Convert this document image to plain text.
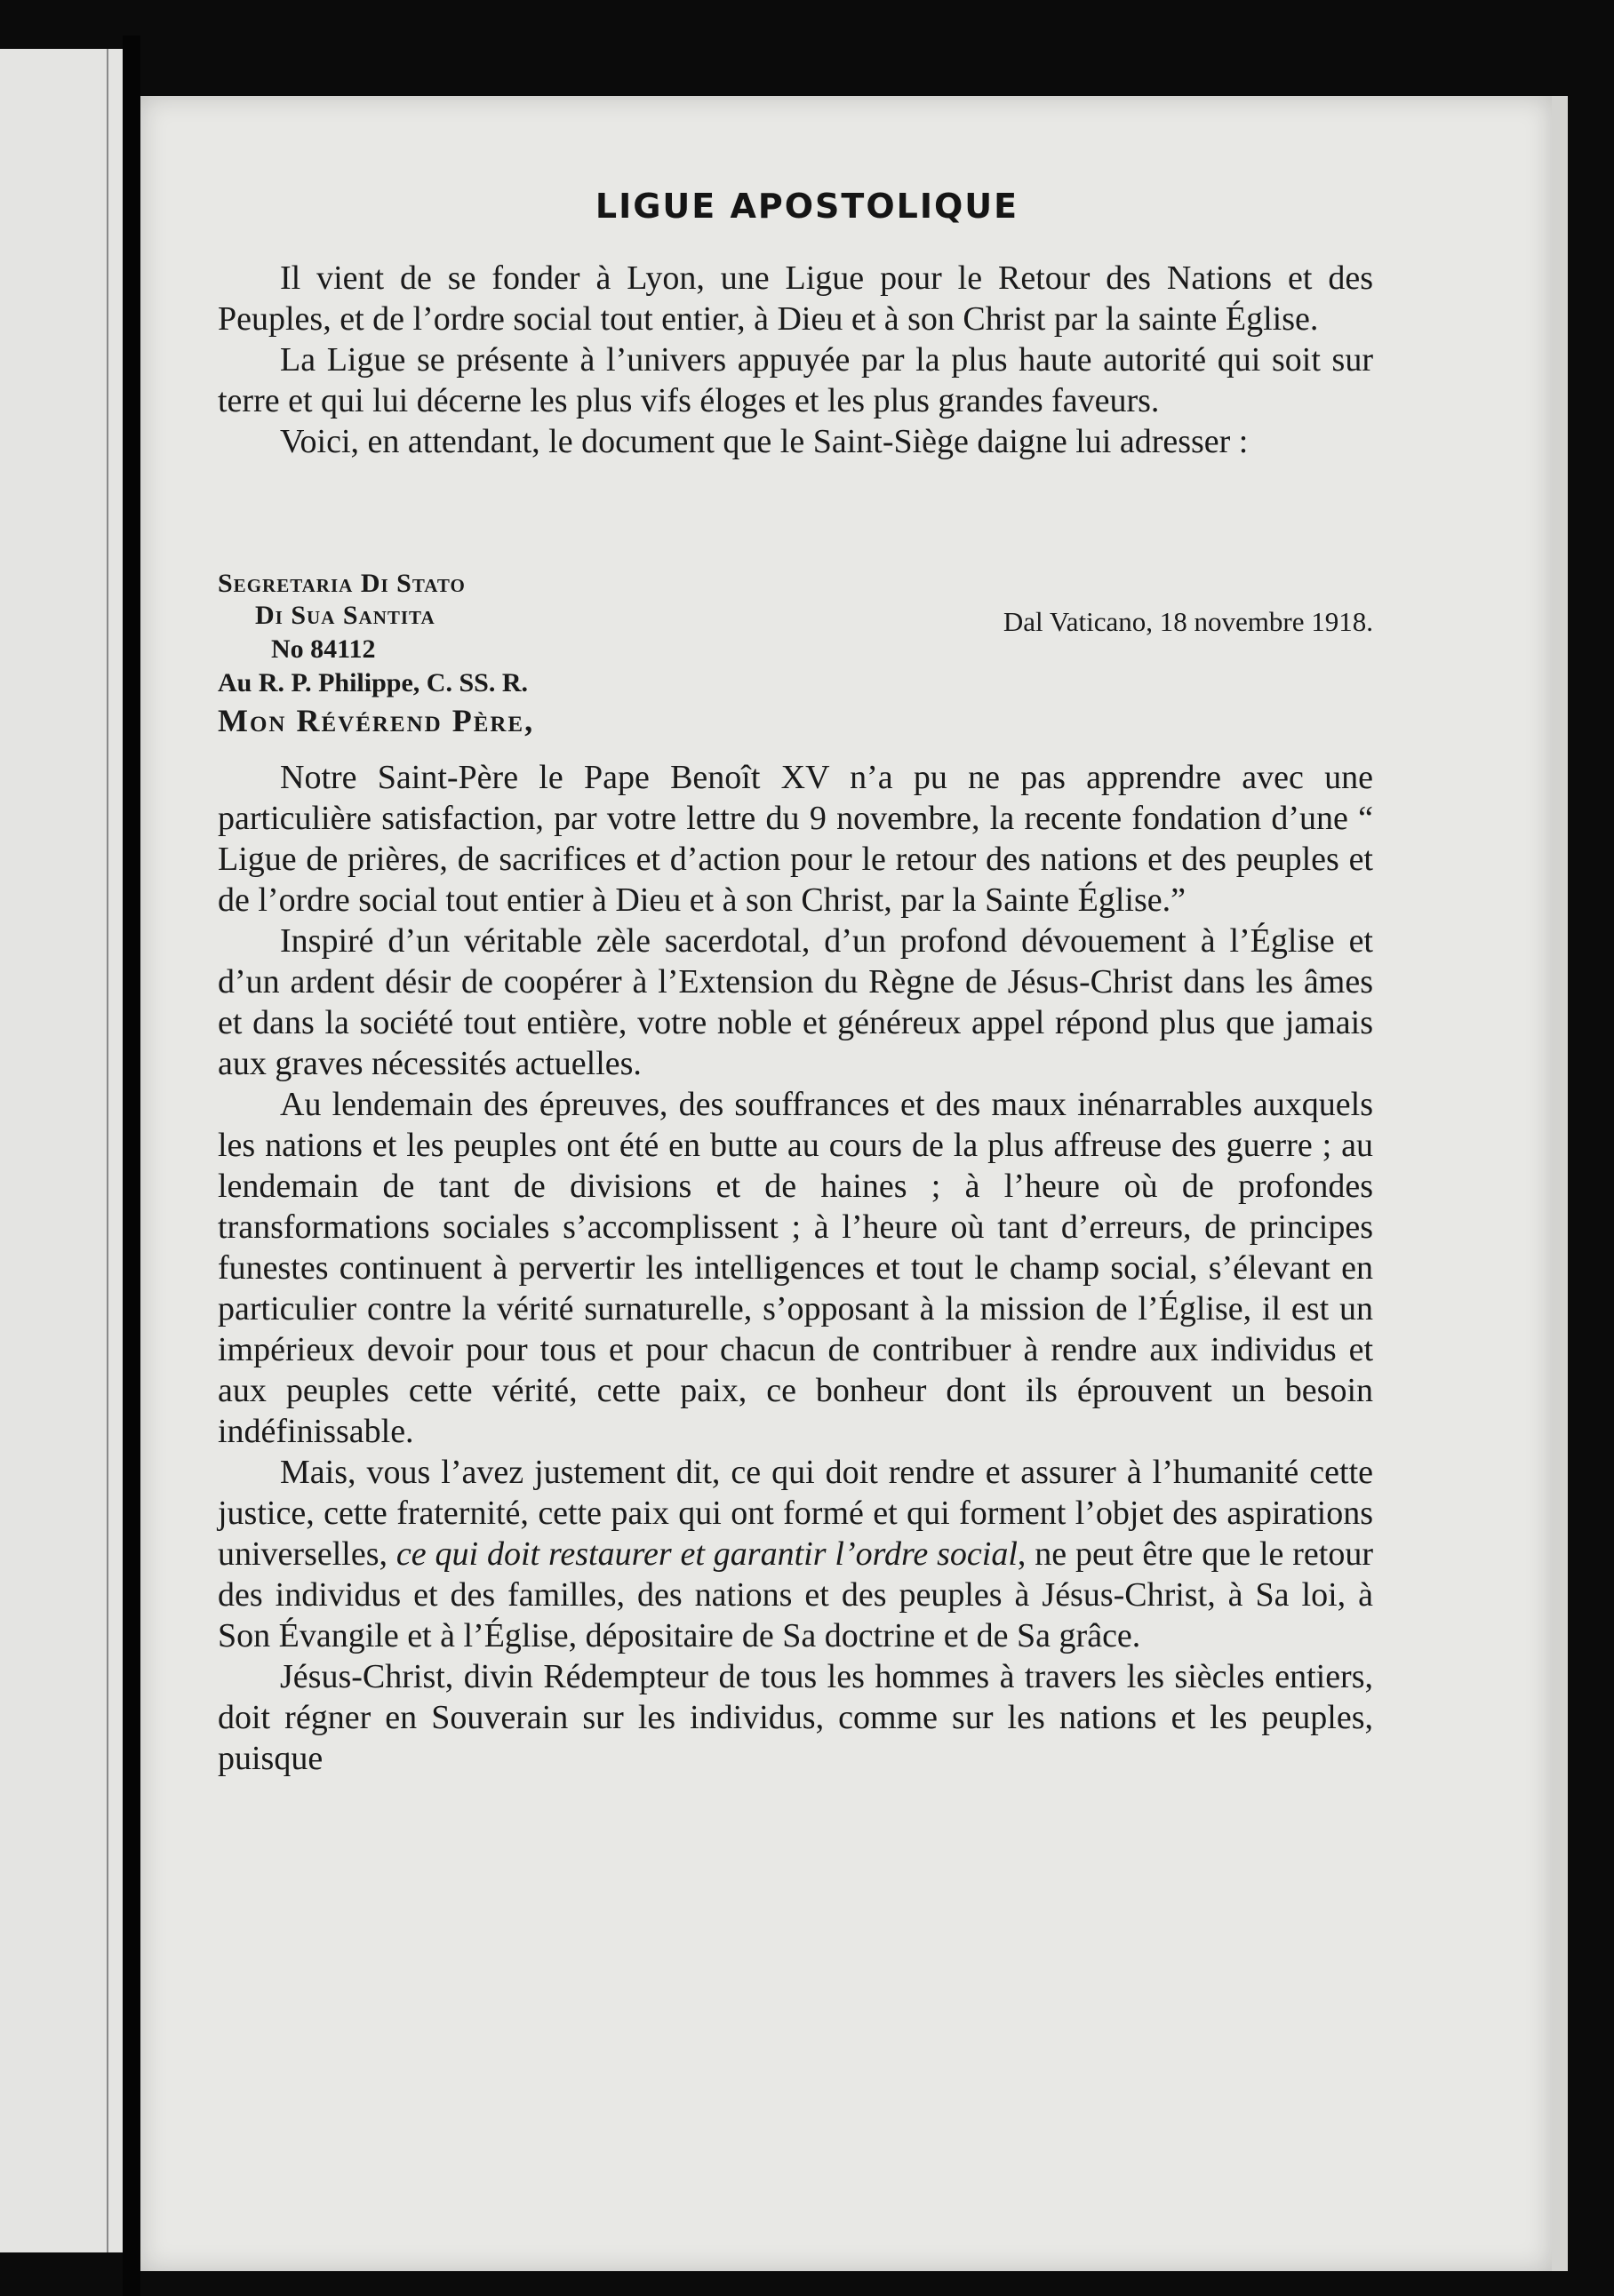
LIGUE APOSTOLIQUE

Il vient de se fonder à Lyon, une Ligue pour le Retour des Nations et des Peuples, et de l’ordre social tout entier, à Dieu et à son Christ par la sainte Église.

La Ligue se présente à l’univers appuyée par la plus haute autorité qui soit sur terre et qui lui décerne les plus vifs éloges et les plus grandes faveurs.

Voici, en attendant, le document que le Saint-Siège daigne lui adresser :

Segretaria Di Stato
Di Sua Santita
No 84112
Au R. P. Philippe, C. SS. R.
Dal Vaticano, 18 novembre 1918.
Mon Révérend Père,

Notre Saint-Père le Pape Benoît XV n’a pu ne pas apprendre avec une particulière satisfaction, par votre lettre du 9 novembre, la recente fondation d’une “ Ligue de prières, de sacrifices et d’action pour le retour des nations et des peuples et de l’ordre social tout entier à Dieu et à son Christ, par la Sainte Église.”

Inspiré d’un véritable zèle sacerdotal, d’un profond dévouement à l’Église et d’un ardent désir de coopérer à l’Extension du Règne de Jésus-Christ dans les âmes et dans la société tout entière, votre noble et généreux appel répond plus que jamais aux graves nécessités actuelles.

Au lendemain des épreuves, des souffrances et des maux inénarrables auxquels les nations et les peuples ont été en butte au cours de la plus affreuse des guerre ; au lendemain de tant de divisions et de haines ; à l’heure où de profondes transformations sociales s’accomplissent ; à l’heure où tant d’erreurs, de principes funestes continuent à pervertir les intelligences et tout le champ social, s’élevant en particulier contre la vérité surnaturelle, s’opposant à la mission de l’Église, il est un impérieux devoir pour tous et pour chacun de contribuer à rendre aux individus et aux peuples cette vérité, cette paix, ce bonheur dont ils éprouvent un besoin indéfinissable.

Mais, vous l’avez justement dit, ce qui doit rendre et assurer à l’humanité cette justice, cette fraternité, cette paix qui ont formé et qui forment l’objet des aspirations universelles, ce qui doit restaurer et garantir l’ordre social, ne peut être que le retour des individus et des familles, des nations et des peuples à Jésus-Christ, à Sa loi, à Son Évangile et à l’Église, dépositaire de Sa doctrine et de Sa grâce.

Jésus-Christ, divin Rédempteur de tous les hommes à travers les siècles entiers, doit régner en Souverain sur les individus, comme sur les nations et les peuples, puisque
